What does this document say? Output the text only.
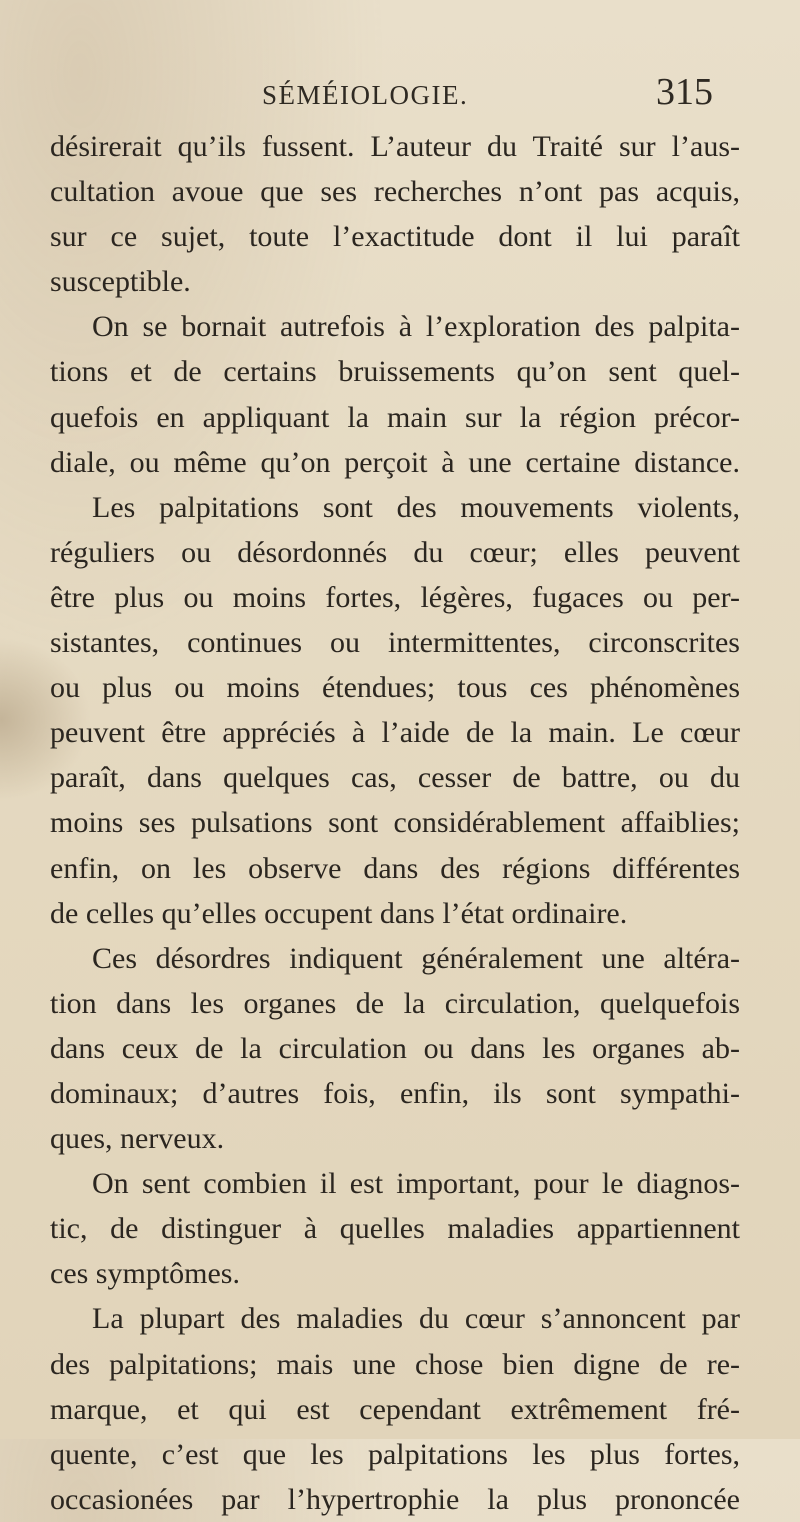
SÉMÉIOLOGIE.	315
désirerait qu’ils fussent. L’auteur du Traité sur l’aus-
cultation avoue que ses recherches n’ont pas acquis,
sur ce sujet, toute l’exactitude dont il lui paraît
susceptible.
On se bornait autrefois à l’exploration des palpita-
tions et de certains bruissements qu’on sent quel-
quefois en appliquant la main sur la région précor-
diale, ou même qu’on perçoit à une certaine distance.
Les palpitations sont des mouvements violents,
réguliers ou désordonnés du cœur; elles peuvent
être plus ou moins fortes, légères, fugaces ou per-
sistantes, continues ou intermittentes, circonscrites
ou plus ou moins étendues; tous ces phénomènes
peuvent être appréciés à l’aide de la main. Le cœur
paraît, dans quelques cas, cesser de battre, ou du
moins ses pulsations sont considérablement affaiblies;
enfin, on les observe dans des régions différentes
de celles qu’elles occupent dans l’état ordinaire.
Ces désordres indiquent généralement une altéra-
tion dans les organes de la circulation, quelquefois
dans ceux de la circulation ou dans les organes ab-
dominaux; d’autres fois, enfin, ils sont sympathi-
ques, nerveux.
On sent combien il est important, pour le diagnos-
tic, de distinguer à quelles maladies appartiennent
ces symptômes.
La plupart des maladies du cœur s’annoncent par
des palpitations; mais une chose bien digne de re-
marque, et qui est cependant extrêmement fré-
quente, c’est que les palpitations les plus fortes,
occasionées par l’hypertrophie la plus prononcée
